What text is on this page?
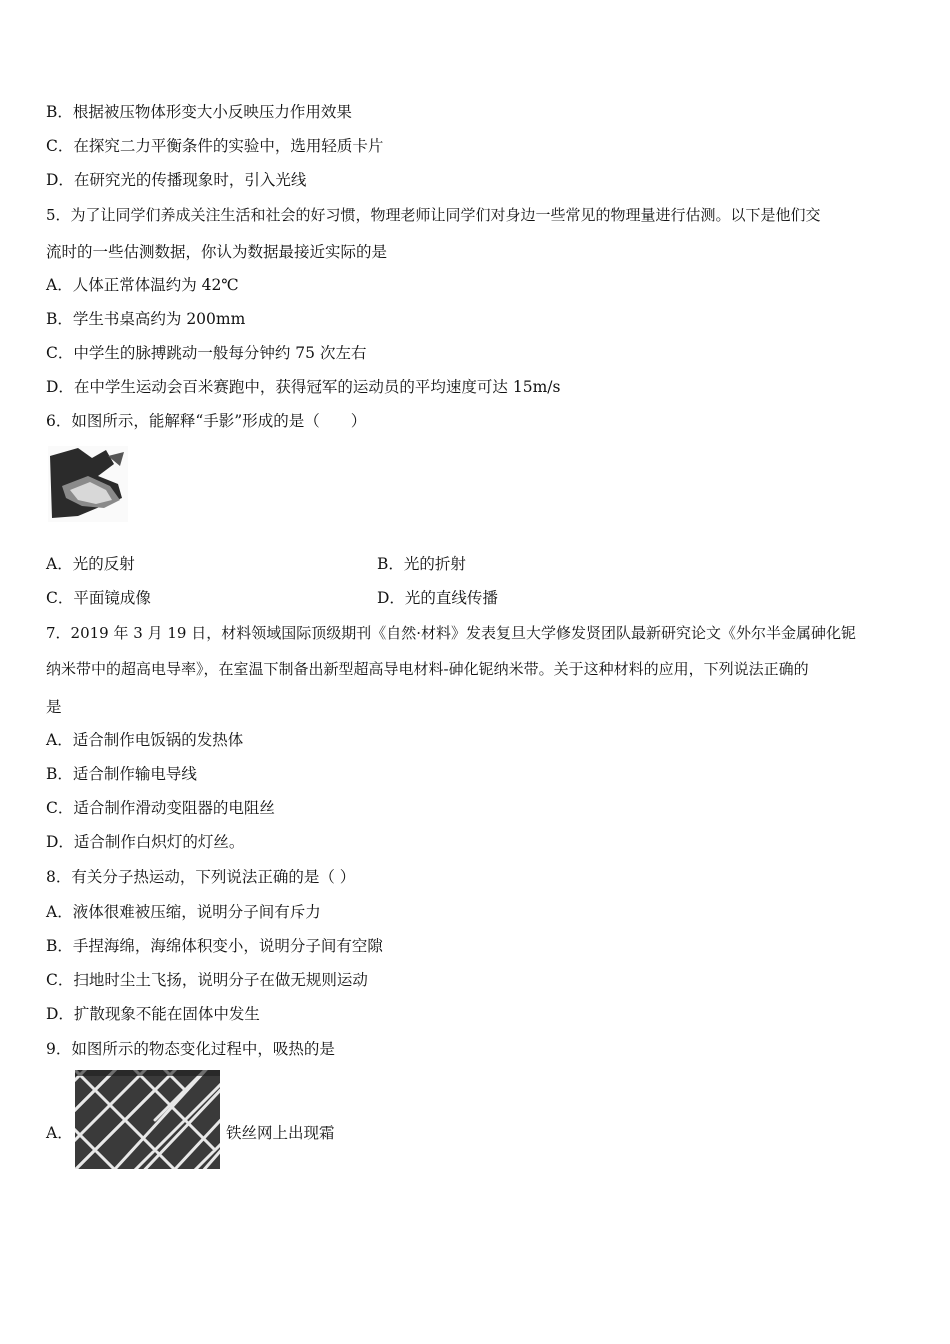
B．根据被压物体形变大小反映压力作用效果
C．在探究二力平衡条件的实验中，选用轻质卡片
D．在研究光的传播现象时，引入光线
5．为了让同学们养成关注生活和社会的好习惯，物理老师让同学们对身边一些常见的物理量进行估测。以下是他们交
流时的一些估测数据，你认为数据最接近实际的是
A．人体正常体温约为 42℃
B．学生书桌高约为 200mm
C．中学生的脉搏跳动一般每分钟约 75 次左右
D．在中学生运动会百米赛跑中，获得冠军的运动员的平均速度可达 15m/s
6．如图所示，能解释“手影”形成的是（　　）
A．光的反射	B．光的折射
C．平面镜成像	D．光的直线传播
7．2019 年 3 月 19 日，材料领域国际顶级期刊《自然·材料》发表复旦大学修发贤团队最新研究论文《外尔半金属砷化铌
纳米带中的超高电导率》，在室温下制备出新型超高导电材料-砷化铌纳米带。关于这种材料的应用，下列说法正确的
是
A．适合制作电饭锅的发热体
B．适合制作输电导线
C．适合制作滑动变阻器的电阻丝
D．适合制作白炽灯的灯丝。
8．有关分子热运动，下列说法正确的是（ ）
A．液体很难被压缩，说明分子间有斥力
B．手捏海绵，海绵体积变小，说明分子间有空隙
C．扫地时尘土飞扬，说明分子在做无规则运动
D．扩散现象不能在固体中发生
9．如图所示的物态变化过程中，吸热的是
A．	铁丝网上出现霜
